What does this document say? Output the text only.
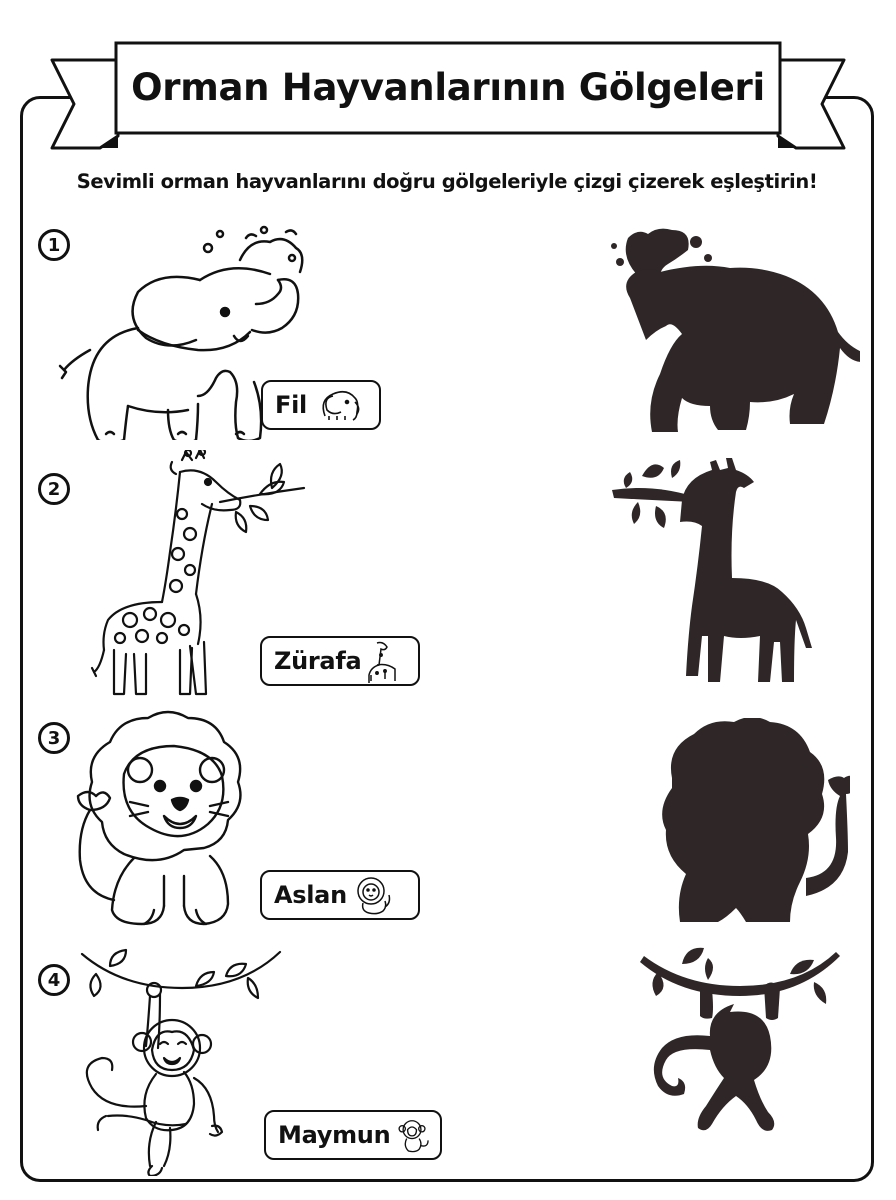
Orman Hayvanlarının Gölgeleri
Sevimli orman hayvanlarını doğru gölgeleriyle çizgi çizerek eşleştirin!
1
Fil
2
Zürafa
3
Aslan
4
Maymun
